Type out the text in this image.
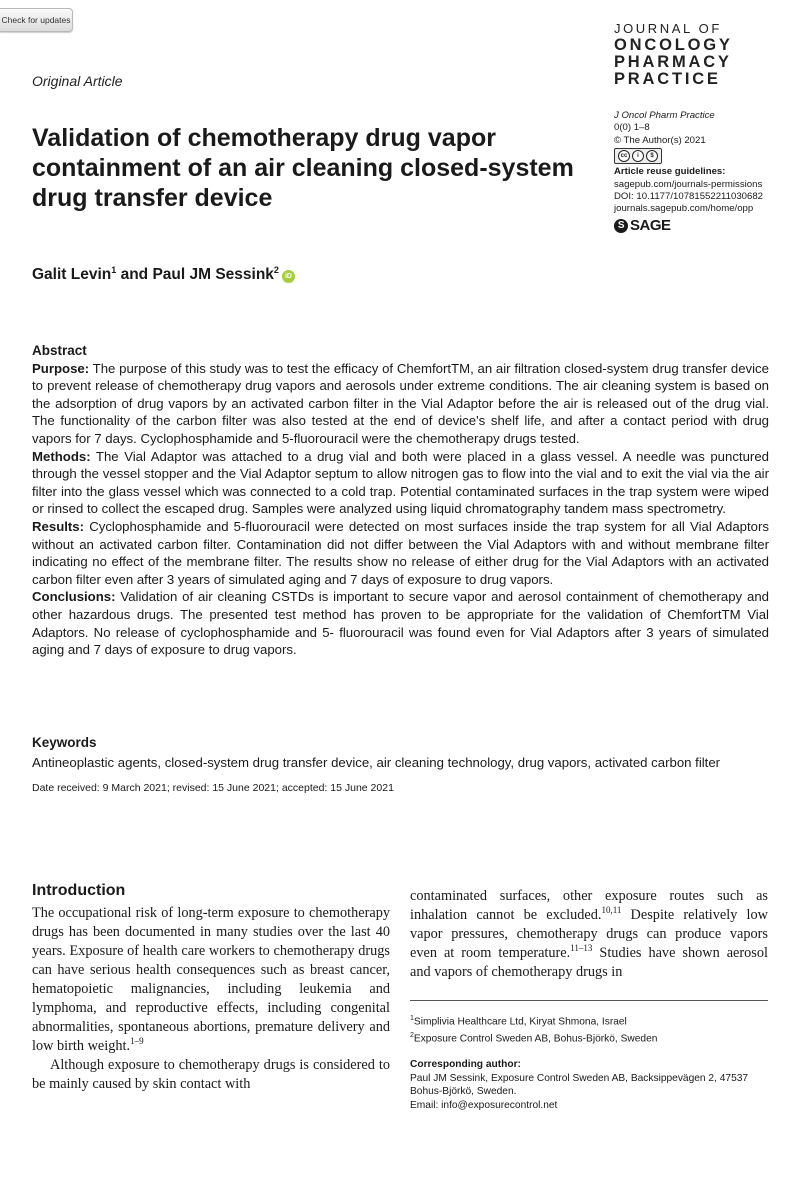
Check for updates
JOURNAL OF
ONCOLOGY
PHARMACY
PRACTICE
Original Article
Validation of chemotherapy drug vapor containment of an air cleaning closed-system drug transfer device
J Oncol Pharm Practice
0(0) 1–8
© The Author(s) 2021
cc	i	$
Article reuse guidelines:
sagepub.com/journals-permissions
DOI: 10.1177/10781552211030682
journals.sagepub.com/home/opp
S SAGE
Galit Levin$^1$ and Paul JM Sessink$^2$iD
Abstract

Purpose: The purpose of this study was to test the efficacy of ChemfortTM, an air filtration closed-system drug transfer device to prevent release of chemotherapy drug vapors and aerosols under extreme conditions. The air cleaning system is based on the adsorption of drug vapors by an activated carbon filter in the Vial Adaptor before the air is released out of the drug vial. The functionality of the carbon filter was also tested at the end of device's shelf life, and after a contact period with drug vapors for 7 days. Cyclophosphamide and 5-fluorouracil were the chemotherapy drugs tested.

Methods: The Vial Adaptor was attached to a drug vial and both were placed in a glass vessel. A needle was punctured through the vessel stopper and the Vial Adaptor septum to allow nitrogen gas to flow into the vial and to exit the vial via the air filter into the glass vessel which was connected to a cold trap. Potential contaminated surfaces in the trap system were wiped or rinsed to collect the escaped drug. Samples were analyzed using liquid chromatography tandem mass spectrometry.

Results: Cyclophosphamide and 5-fluorouracil were detected on most surfaces inside the trap system for all Vial Adaptors without an activated carbon filter. Contamination did not differ between the Vial Adaptors with and without membrane filter indicating no effect of the membrane filter. The results show no release of either drug for the Vial Adaptors with an activated carbon filter even after 3 years of simulated aging and 7 days of exposure to drug vapors.

Conclusions: Validation of air cleaning CSTDs is important to secure vapor and aerosol containment of chemotherapy and other hazardous drugs. The presented test method has proven to be appropriate for the validation of ChemfortTM Vial Adaptors. No release of cyclophosphamide and 5- fluorouracil was found even for Vial Adaptors after 3 years of simulated aging and 7 days of exposure to drug vapors.

Keywords

Antineoplastic agents, closed-system drug transfer device, air cleaning technology, drug vapors, activated carbon filter

Date received: 9 March 2021; revised: 15 June 2021; accepted: 15 June 2021
Introduction

The occupational risk of long-term exposure to chemotherapy drugs has been documented in many studies over the last 40 years. Exposure of health care workers to chemotherapy drugs can have serious health consequences such as breast cancer, hematopoietic malignancies, including leukemia and lymphoma, and reproductive effects, including congenital abnormalities, spontaneous abortions, premature delivery and low birth weight.$^{1-9}$

Although exposure to chemotherapy drugs is considered to be mainly caused by skin contact with

contaminated surfaces, other exposure routes such as inhalation cannot be excluded.$^{10,11}$ Despite relatively low vapor pressures, chemotherapy drugs can produce vapors even at room temperature.$^{11-13}$ Studies have shown aerosol and vapors of chemotherapy drugs in

$^1$Simplivia Healthcare Ltd, Kiryat Shmona, Israel
$^2$Exposure Control Sweden AB, Bohus-Björkö, Sweden
Corresponding author:
Paul JM Sessink, Exposure Control Sweden AB, Backsippevägen 2, 47537
Bohus-Björkö, Sweden.
Email: info@exposurecontrol.net
